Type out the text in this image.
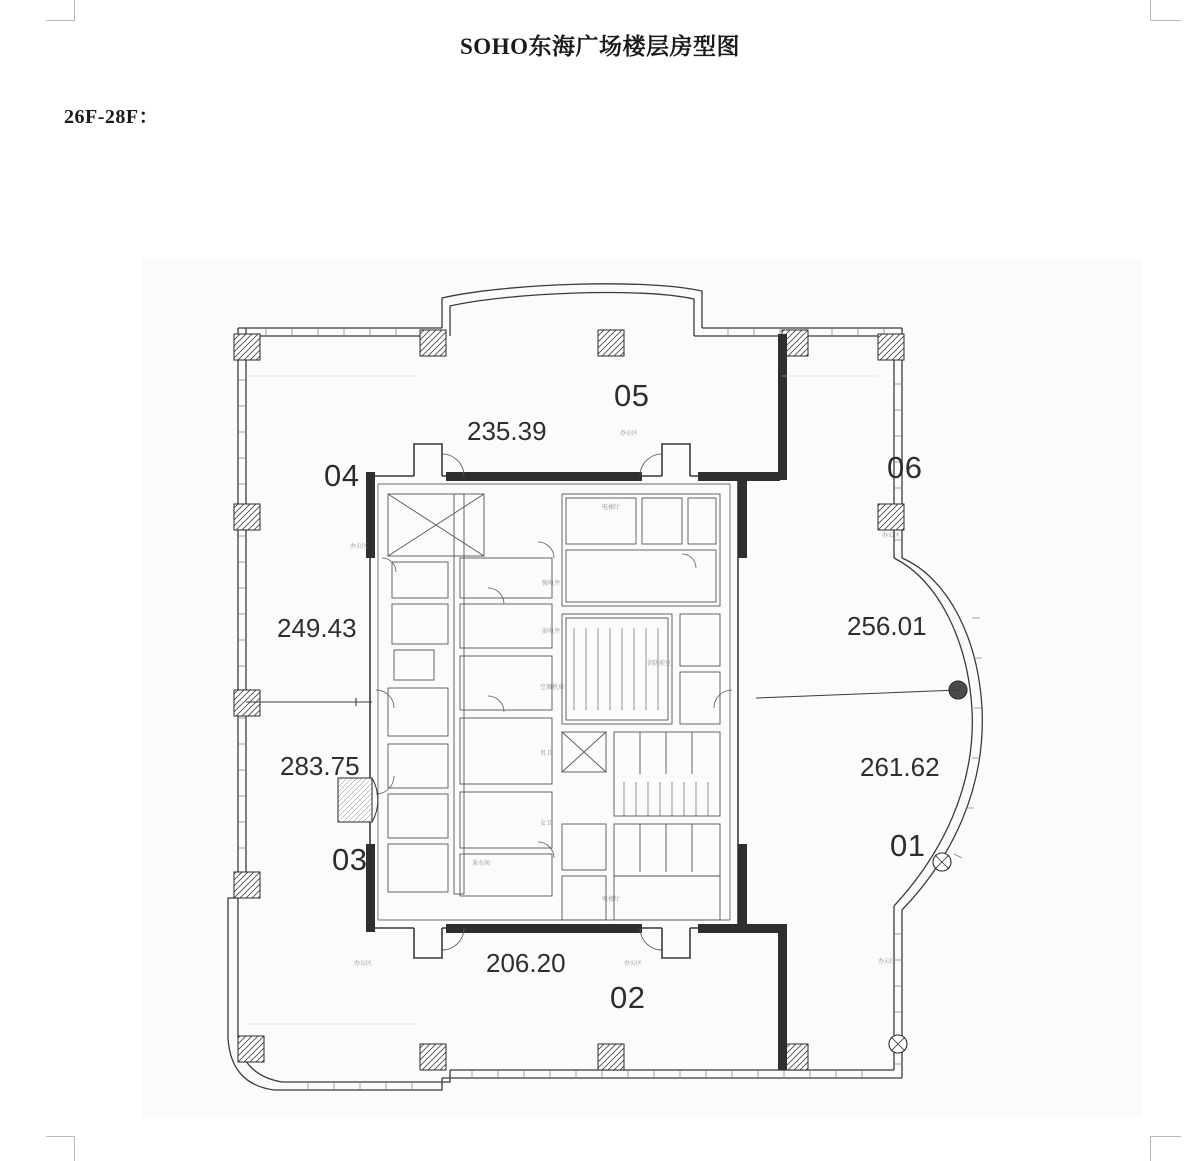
SOHO东海广场楼层房型图
26F-28F：
05
235.39
06
256.01
04
249.43
283.75
03
261.62
01
206.20
02
办公区
办公区
办公区
办公区
办公区
办公区
电梯厅
电梯厅
消防前室
强电井
弱电井
空调机房
男卫
女卫
茶水间
